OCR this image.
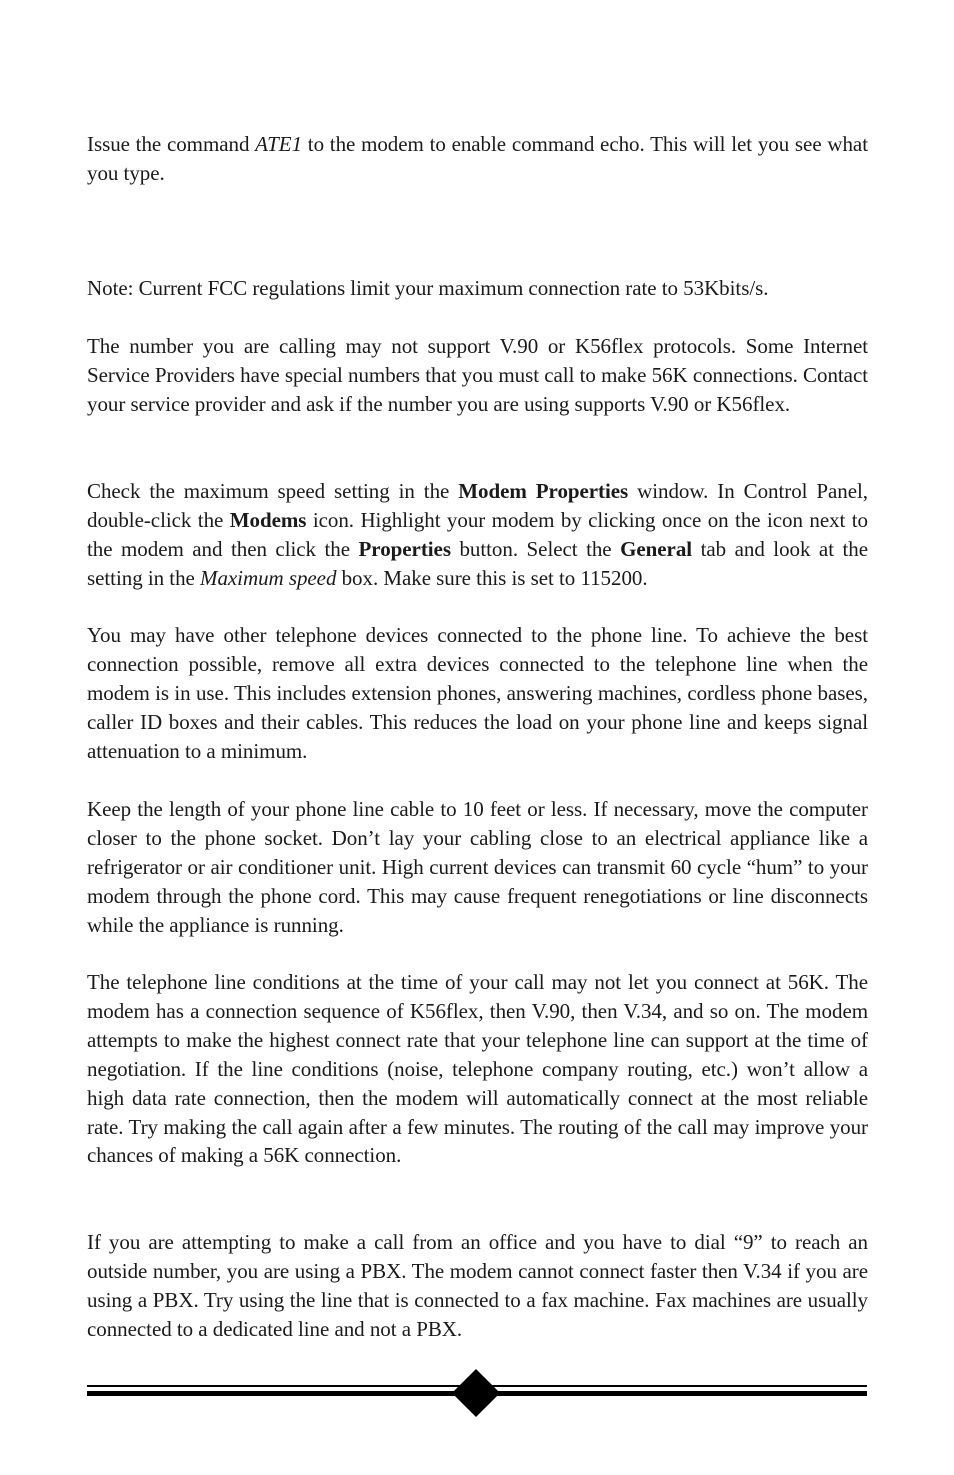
Issue the command ATE1 to the modem to enable command echo. This will let you see what you type.

Note: Current FCC regulations limit your maximum connection rate to 53Kbits/s.

The number you are calling may not support V.90 or K56flex protocols. Some Internet Service Providers have special numbers that you must call to make 56K connections. Contact your service provider and ask if the number you are using supports V.90 or K56flex.

Check the maximum speed setting in the Modem Properties window. In Control Panel, double-click the Modems icon. Highlight your modem by clicking once on the icon next to the modem and then click the Properties button. Select the General tab and look at the setting in the Maximum speed box. Make sure this is set to 115200.

You may have other telephone devices connected to the phone line. To achieve the best connection possible, remove all extra devices connected to the telephone line when the modem is in use. This includes extension phones, answering machines, cordless phone bases, caller ID boxes and their cables. This reduces the load on your phone line and keeps signal attenuation to a minimum.

Keep the length of your phone line cable to 10 feet or less. If necessary, move the computer closer to the phone socket. Don’t lay your cabling close to an electrical appliance like a refrigerator or air conditioner unit. High current devices can transmit 60 cycle “hum” to your modem through the phone cord. This may cause frequent renegotiations or line disconnects while the appliance is running.

The telephone line conditions at the time of your call may not let you connect at 56K. The modem has a connection sequence of K56flex, then V.90, then V.34, and so on. The modem attempts to make the highest connect rate that your telephone line can support at the time of negotiation. If the line conditions (noise, telephone company routing, etc.) won’t allow a high data rate connection, then the modem will automatically connect at the most reliable rate. Try making the call again after a few minutes. The routing of the call may improve your chances of making a 56K connection.

If you are attempting to make a call from an office and you have to dial “9” to reach an outside number, you are using a PBX. The modem cannot connect faster then V.34 if you are using a PBX. Try using the line that is connected to a fax machine. Fax machines are usually connected to a dedicated line and not a PBX.
